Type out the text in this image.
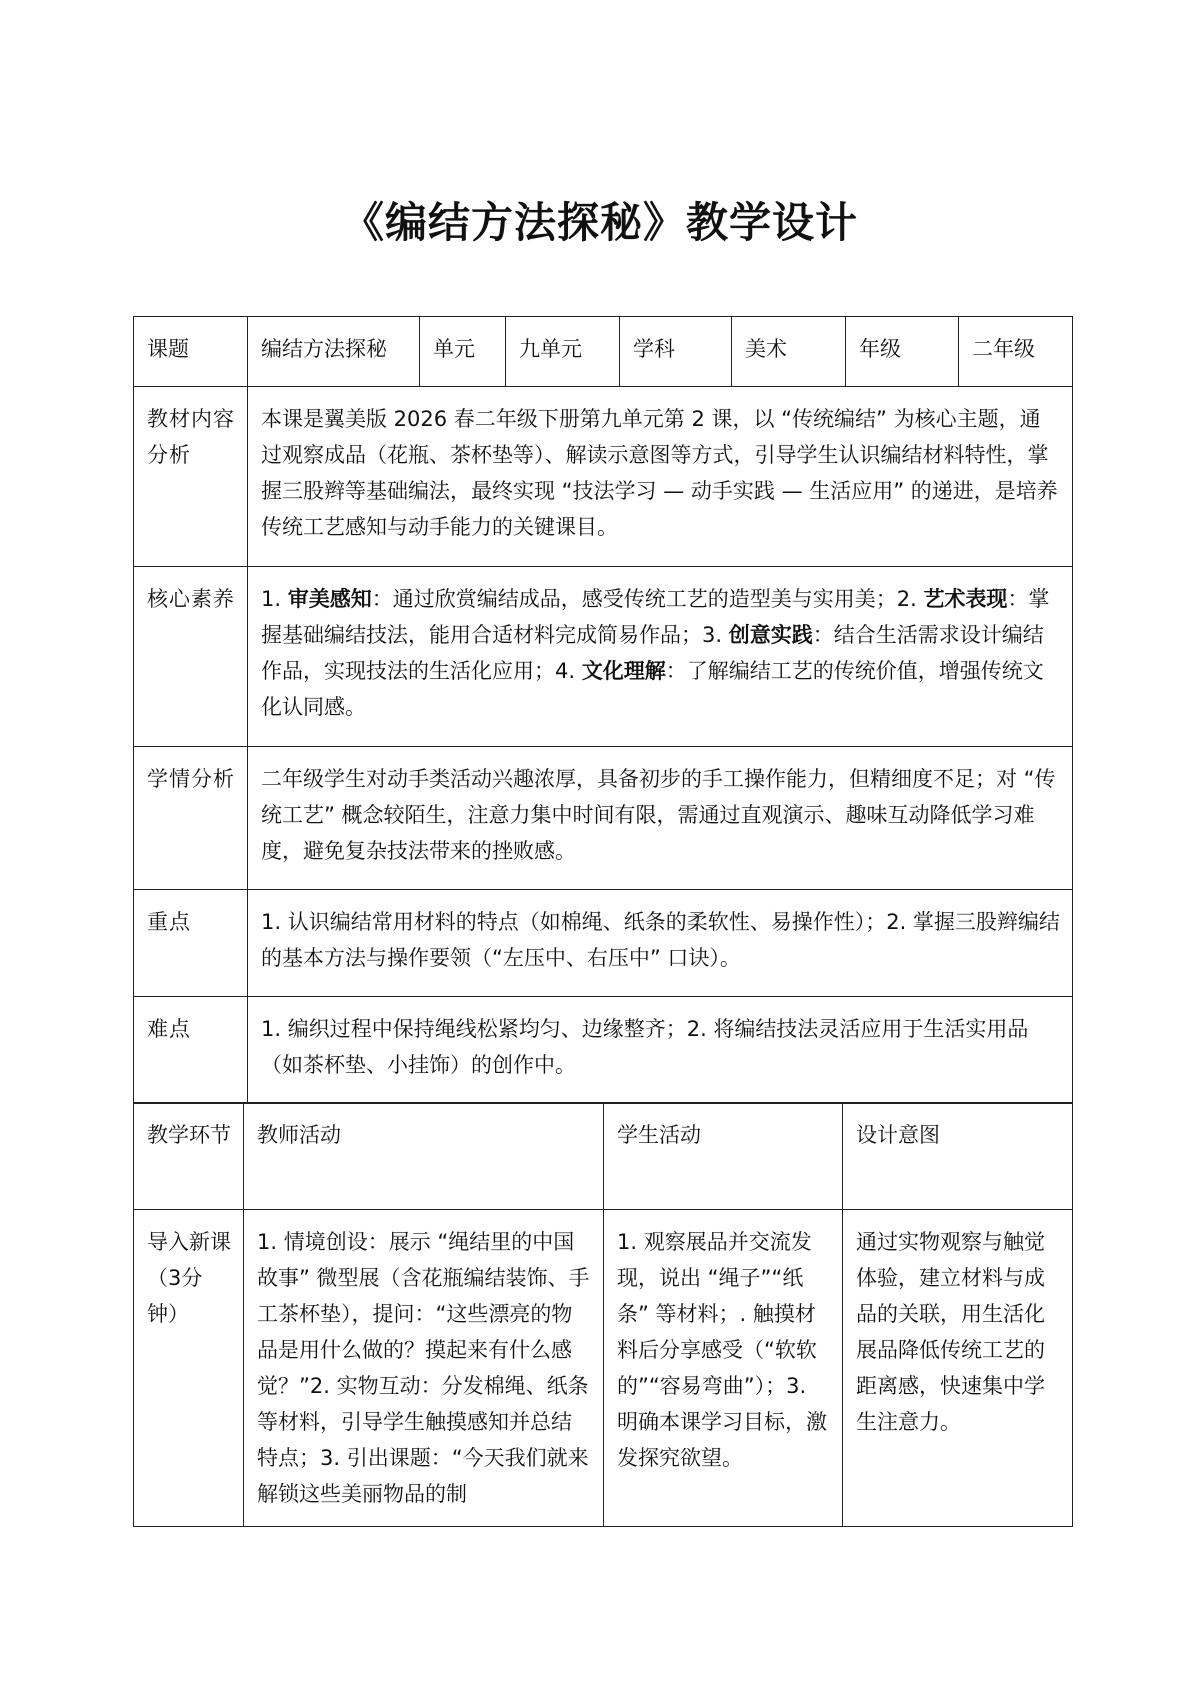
《编结方法探秘》教学设计
课题	编结方法探秘	单元	九单元	学科	美术	年级	二年级
教材内容分析	本课是翼美版 2026 春二年级下册第九单元第 2 课，以 “传统编结” 为核心主题，通过观察成品（花瓶、茶杯垫等）、解读示意图等方式，引导学生认识编结材料特性，掌握三股辫等基础编法，最终实现 “技法学习 — 动手实践 — 生活应用” 的递进，是培养传统工艺感知与动手能力的关键课目。						
核心素养	1. 审美感知：通过欣赏编结成品，感受传统工艺的造型美与实用美；2. 艺术表现：掌握基础编结技法，能用合适材料完成简易作品；3. 创意实践：结合生活需求设计编结作品，实现技法的生活化应用；4. 文化理解：了解编结工艺的传统价值，增强传统文化认同感。						
学情分析	二年级学生对动手类活动兴趣浓厚，具备初步的手工操作能力，但精细度不足；对 “传统工艺” 概念较陌生，注意力集中时间有限，需通过直观演示、趣味互动降低学习难度，避免复杂技法带来的挫败感。						
重点	1. 认识编结常用材料的特点（如棉绳、纸条的柔软性、易操作性）；2. 掌握三股辫编结的基本方法与操作要领（“左压中、右压中” 口诀）。						
难点	1. 编织过程中保持绳线松紧均匀、边缘整齐；2. 将编结技法灵活应用于生活实用品（如茶杯垫、小挂饰）的创作中。						
教学环节	教师活动	学生活动	设计意图
导入新课（3分钟）	1. 情境创设：展示 “绳结里的中国故事” 微型展（含花瓶编结装饰、手工茶杯垫），提问：“这些漂亮的物品是用什么做的？摸起来有什么感觉？”2. 实物互动：分发棉绳、纸条等材料，引导学生触摸感知并总结特点；3. 引出课题：“今天我们就来解锁这些美丽物品的制	1. 观察展品并交流发现，说出 “绳子”“纸条” 等材料；. 触摸材料后分享感受（“软软的”“容易弯曲”）；3. 明确本课学习目标，激发探究欲望。	通过实物观察与触觉体验，建立材料与成品的关联，用生活化展品降低传统工艺的距离感，快速集中学生注意力。
